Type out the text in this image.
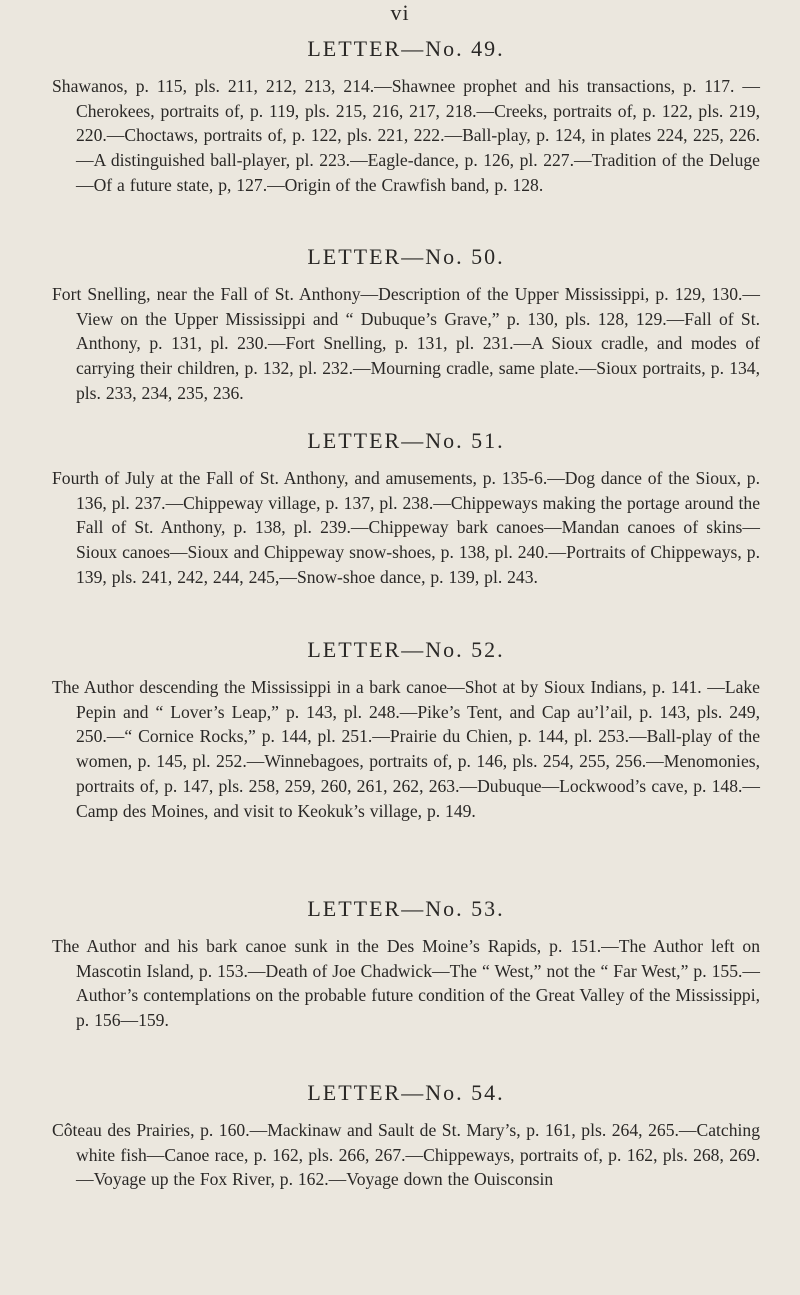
vi
LETTER—No. 49.

Shawanos, p. 115, pls. 211, 212, 213, 214.—Shawnee prophet and his transactions, p. 117. —Cherokees, portraits of, p. 119, pls. 215, 216, 217, 218.—Creeks, portraits of, p. 122, pls. 219, 220.—Choctaws, portraits of, p. 122, pls. 221, 222.—Ball-play, p. 124, in plates 224, 225, 226.—A distinguished ball-player, pl. 223.—Eagle-dance, p. 126, pl. 227.—Tradition of the Deluge—Of a future state, p, 127.—Origin of the Crawfish band, p. 128.

LETTER—No. 50.

Fort Snelling, near the Fall of St. Anthony—Description of the Upper Mississippi, p. 129, 130.—View on the Upper Mississippi and “ Dubuque’s Grave,” p. 130, pls. 128, 129.—Fall of St. Anthony, p. 131, pl. 230.—Fort Snelling, p. 131, pl. 231.—A Sioux cradle, and modes of carrying their children, p. 132, pl. 232.—Mourning cradle, same plate.—Sioux portraits, p. 134, pls. 233, 234, 235, 236.

LETTER—No. 51.

Fourth of July at the Fall of St. Anthony, and amusements, p. 135-6.—Dog dance of the Sioux, p. 136, pl. 237.—Chippeway village, p. 137, pl. 238.—Chippeways making the portage around the Fall of St. Anthony, p. 138, pl. 239.—Chippeway bark canoes—Mandan canoes of skins—Sioux canoes—Sioux and Chippeway snow-shoes, p. 138, pl. 240.—Portraits of Chippeways, p. 139, pls. 241, 242, 244, 245,—Snow-shoe dance, p. 139, pl. 243.

LETTER—No. 52.

The Author descending the Mississippi in a bark canoe—Shot at by Sioux Indians, p. 141. —Lake Pepin and “ Lover’s Leap,” p. 143, pl. 248.—Pike’s Tent, and Cap au’l’ail, p. 143, pls. 249, 250.—“ Cornice Rocks,” p. 144, pl. 251.—Prairie du Chien, p. 144, pl. 253.—Ball-play of the women, p. 145, pl. 252.—Winnebagoes, portraits of, p. 146, pls. 254, 255, 256.—Menomonies, portraits of, p. 147, pls. 258, 259, 260, 261, 262, 263.—Dubuque—Lockwood’s cave, p. 148.—Camp des Moines, and visit to Keokuk’s village, p. 149.

LETTER—No. 53.

The Author and his bark canoe sunk in the Des Moine’s Rapids, p. 151.—The Author left on Mascotin Island, p. 153.—Death of Joe Chadwick—The “ West,” not the “ Far West,” p. 155.—Author’s contemplations on the probable future condition of the Great Valley of the Mississippi, p. 156—159.

LETTER—No. 54.

Côteau des Prairies, p. 160.—Mackinaw and Sault de St. Mary’s, p. 161, pls. 264, 265.—Catching white fish—Canoe race, p. 162, pls. 266, 267.—Chippeways, portraits of, p. 162, pls. 268, 269.—Voyage up the Fox River, p. 162.—Voyage down the Ouisconsin
